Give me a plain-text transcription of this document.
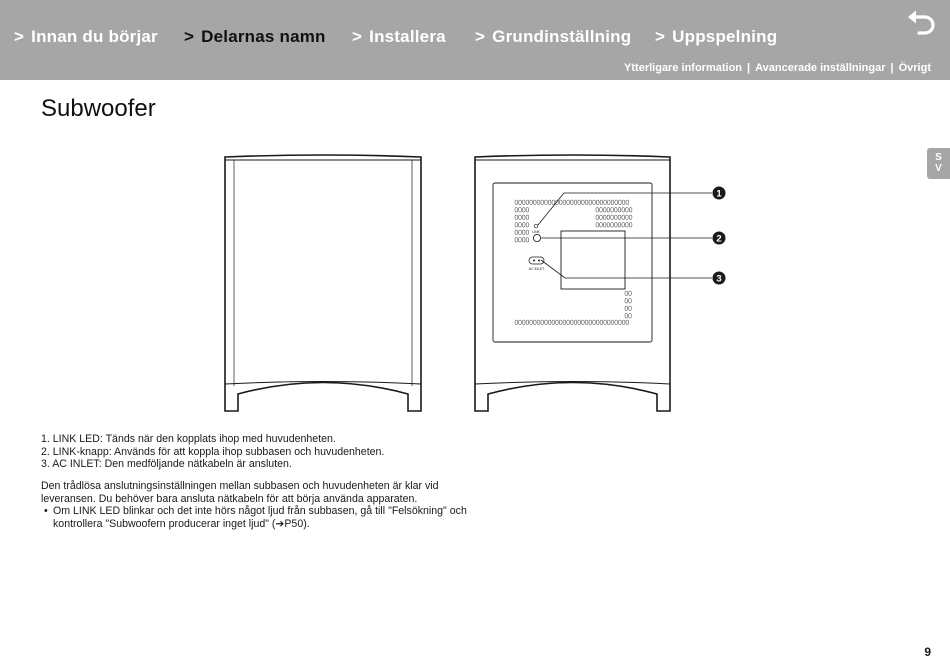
> Innan du börjar > Delarnas namn > Installera > Grundinställning > Uppspelning
Ytterligare information | Avancerade inställningar | Övrigt
S
V
Subwoofer
LINK
AC INLET
1
2
3
1. LINK LED: Tänds när den kopplats ihop med huvudenheten.
2. LINK-knapp: Används för att koppla ihop subbasen och huvudenheten.
3. AC INLET: Den medföljande nätkabeln är ansluten.

Den trådlösa anslutningsinställningen mellan subbasen och huvudenheten är klar vid leveransen. Du behöver bara ansluta nätkabeln för att börja använda apparaten.

• Om LINK LED blinkar och det inte hörs något ljud från subbasen, gå till "Felsökning" och kontrollera "Subwoofern producerar inget ljud" (➔P50).
9
